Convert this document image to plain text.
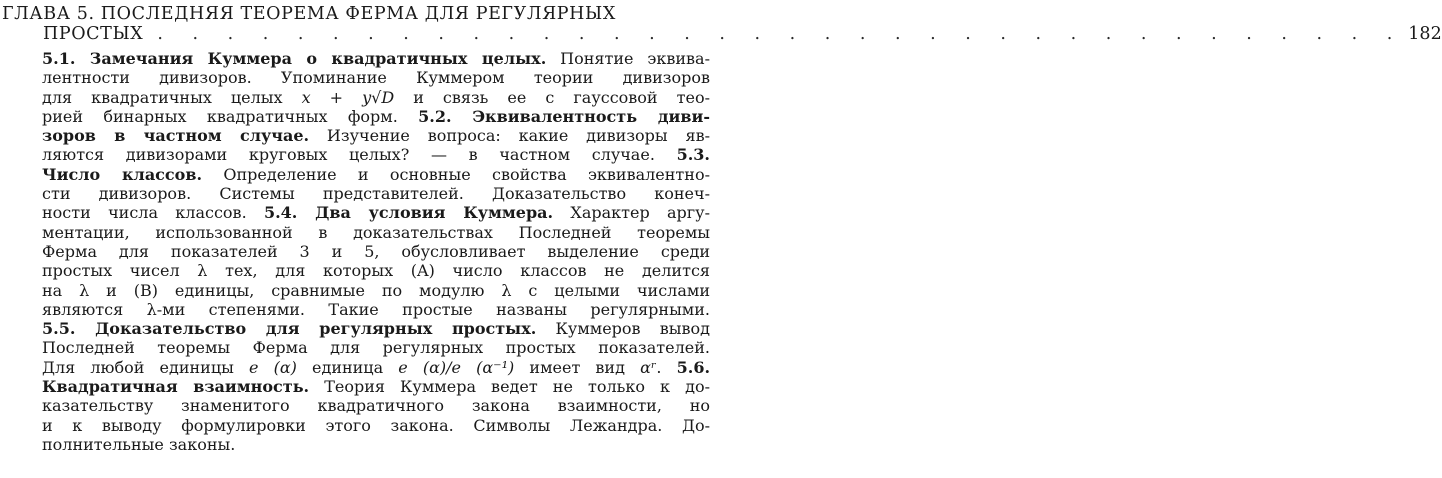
ГЛАВА 5. ПОСЛЕДНЯЯ ТЕОРЕМА ФЕРМА ДЛЯ РЕГУЛЯРНЫХ
ПРОСТЫХ . . . . . . . . . . . . . . . . . . . . . . . . . . . . . . . . . . . . 182
5.1. Замечания Куммера о квадратичных целых. Понятие эквива-
лентности дивизоров. Упоминание Куммером теории дивизоров
для квадратичных целых x + y√D и связь ее с гауссовой тео-
рией бинарных квадратичных форм. 5.2. Эквивалентность диви-
зоров в частном случае. Изучение вопроса: какие дивизоры яв-
ляются дивизорами круговых целых? — в частном случае. 5.3.
Число классов. Определение и основные свойства эквивалентно-
сти дивизоров. Системы представителей. Доказательство конеч-
ности числа классов. 5.4. Два условия Куммера. Характер аргу-
ментации, использованной в доказательствах Последней теоремы
Ферма для показателей 3 и 5, обусловливает выделение среди
простых чисел λ тех, для которых (A) число классов не делится
на λ и (B) единицы, сравнимые по модулю λ с целыми числами
являются λ-ми степенями. Такие простые названы регулярными.
5.5. Доказательство для регулярных простых. Куммеров вывод
Последней теоремы Ферма для регулярных простых показателей.
Для любой единицы e (α) единица e (α)/e (α⁻¹) имеет вид αʳ. 5.6.
Квадратичная взаимность. Теория Куммера ведет не только к до-
казательству знаменитого квадратичного закона взаимности, но
и к выводу формулировки этого закона. Символы Лежандра. До-
полнительные законы.
